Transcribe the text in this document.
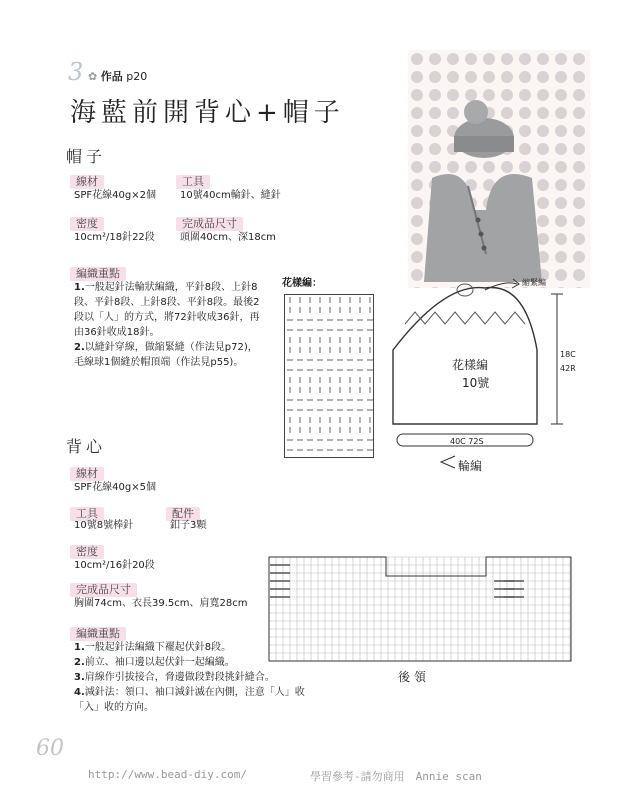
3 ✿ 作品 p20
海藍前開背心+帽子
帽子
線材
SPF花線40g×2個
工具
10號40cm輪針、縫針
密度
10cm²/18針22段
完成品尺寸
頭圍40cm、深18cm
編織重點
1.一般起針法輪狀編織，平針8段、上針8段、平針8段、上針8段、平針8段。最後2段以「人」的方式，將72針收成36針，再由36針收成18針。
2.以縫針穿線，做縮緊縫（作法見p72)，毛線球1個縫於帽頂端（作法見p55)。
花樣編：	縮緊編
花樣編
10號
18C
42R
40C 72S
輪編
背心
線材
SPF花線40g×5個
工具
10號8號棒針
配件
釦子3顆
密度
10cm²/16針20段
完成品尺寸
胸圍74cm、衣長39.5cm、肩寬28cm
編織重點
1.一般起針法編織下襬起伏針8段。
2.前立、袖口邊以起伏針一起編織。
3.肩線作引拔接合，脅邊做段對段挑針縫合。
4.減針法：領口、袖口減針滅在內側，注意「人」收「入」收的方向。
後領
60
http://www.bead-diy.com/	學習參考-請勿商用　Annie scan
